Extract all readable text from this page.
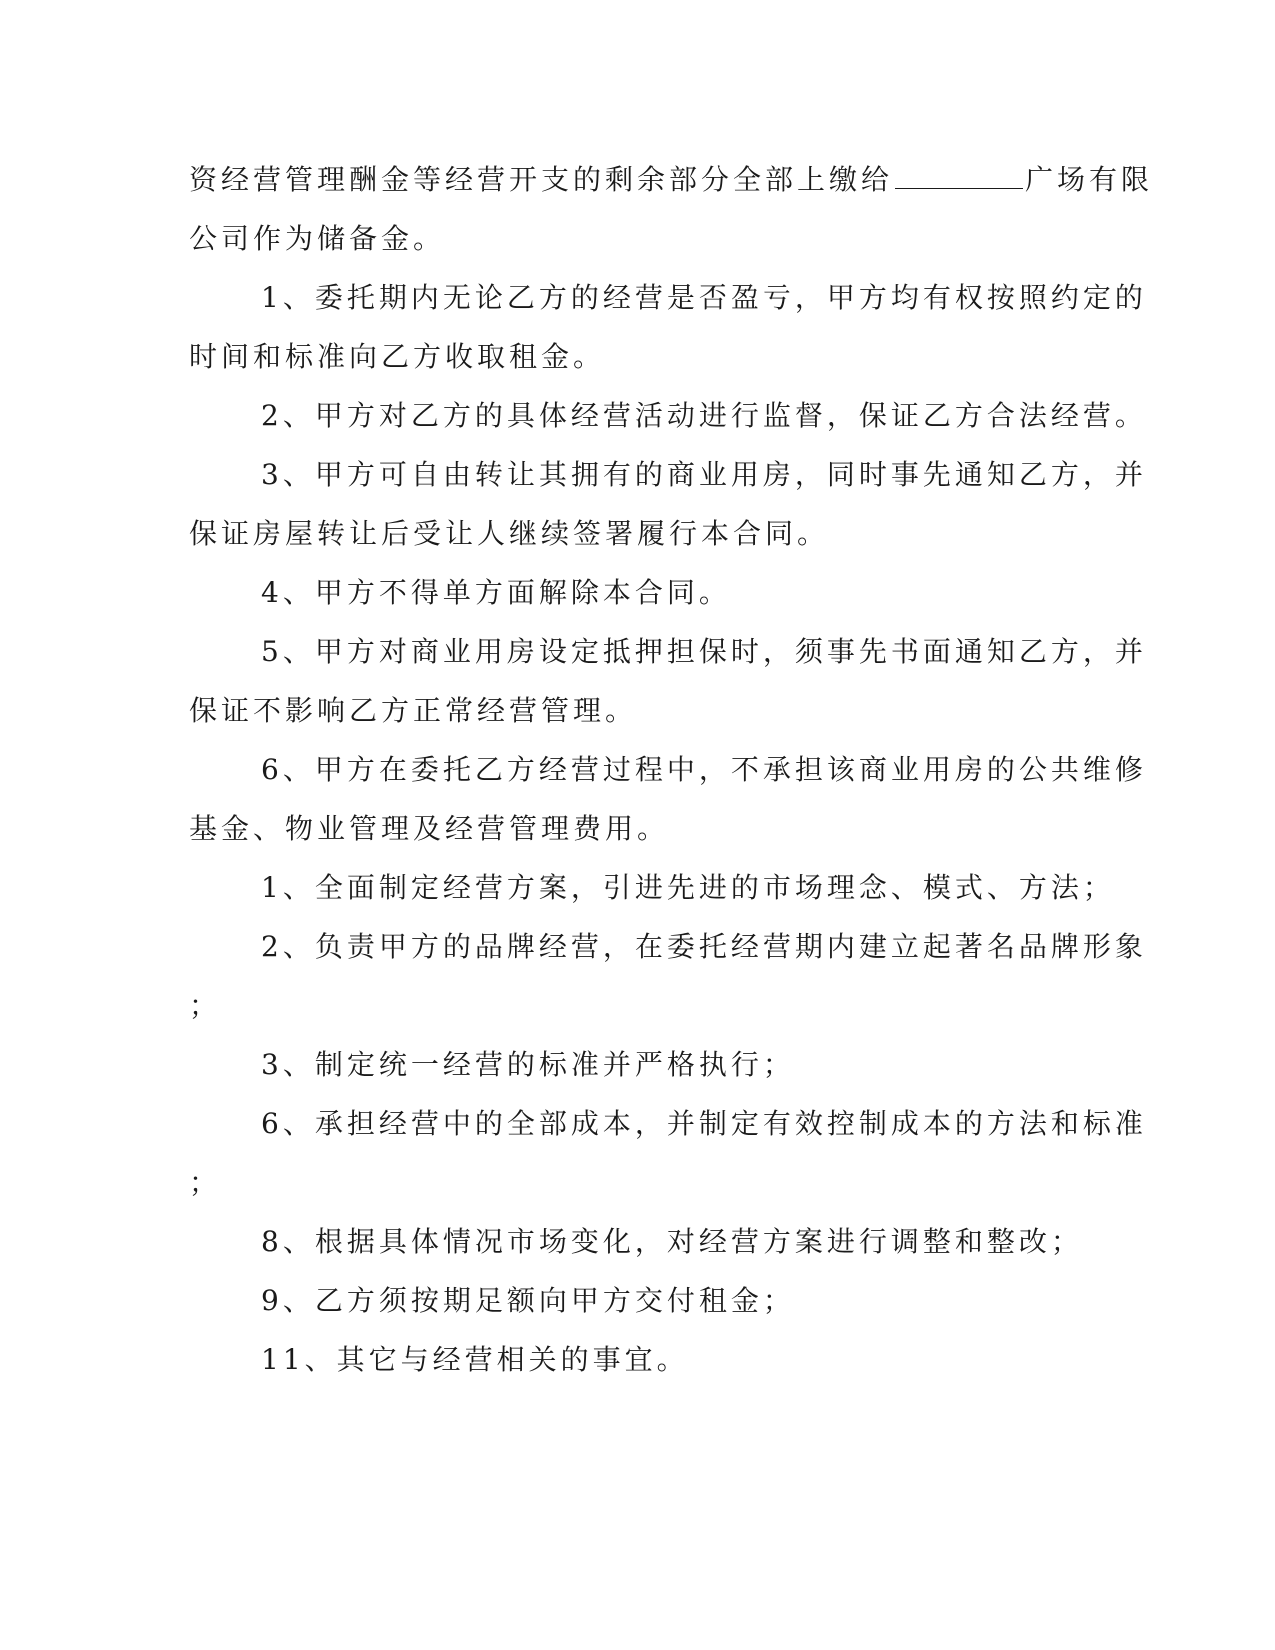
资经营管理酬金等经营开支的剩余部分全部上缴给	广场有限
公司作为储备金。
1、委托期内无论乙方的经营是否盈亏，甲方均有权按照约定的
时间和标准向乙方收取租金。
2、甲方对乙方的具体经营活动进行监督，保证乙方合法经营。
3、甲方可自由转让其拥有的商业用房，同时事先通知乙方，并
保证房屋转让后受让人继续签署履行本合同。
4、甲方不得单方面解除本合同。
5、甲方对商业用房设定抵押担保时，须事先书面通知乙方，并
保证不影响乙方正常经营管理。
6、甲方在委托乙方经营过程中，不承担该商业用房的公共维修
基金、物业管理及经营管理费用。
1、全面制定经营方案，引进先进的市场理念、模式、方法；
2、负责甲方的品牌经营，在委托经营期内建立起著名品牌形象
；
3、制定统一经营的标准并严格执行；
6、承担经营中的全部成本，并制定有效控制成本的方法和标准
；
8、根据具体情况市场变化，对经营方案进行调整和整改；
9、乙方须按期足额向甲方交付租金；
11、其它与经营相关的事宜。
